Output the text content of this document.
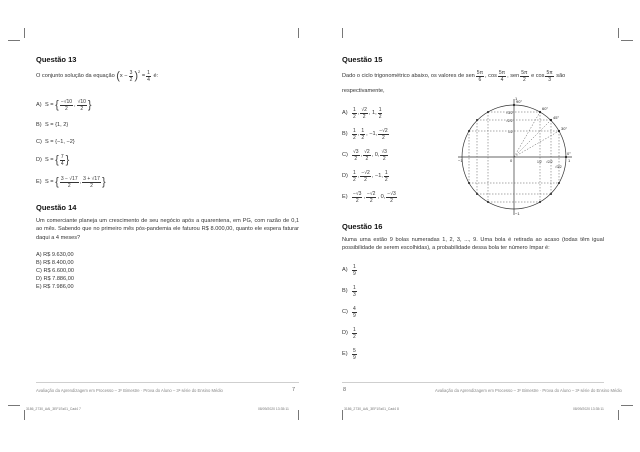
Questão 13
O conjunto solução da equação
( x
− $\frac{3}{2} )^2$

= $\frac{1}{4}$
é:
A) S =
{ $\frac{-√10}{2}$ , $\frac{√10}{2}$ }
B) S = {1, 2}
C) S = {−1, −2}
D) S =
{ $\frac{7}{4}$ }
E) S =
{ $\frac{3 - √17}{2}$ , $\frac{3 + √17}{2}$ }
Questão 14
Um comerciante planeja um crescimento de seu negócio após a quarentena, em PG, com razão de 0,1 ao mês. Sabendo que no primeiro mês pós-pandemia ele faturou R$ 8.000,00, quanto ele espera faturar daqui a 4 meses?
A) R$ 9.630,00
B) R$ 8.400,00
C) R$ 6.600,00
D) R$ 7.886,00
E) R$ 7.986,00
Avaliação da Aprendizagem em Processo – 3º Bimestre · Prova do Aluno – 3ª série do Ensino Médio	7
3186_2730_AAI_3EF1Ss01_Cad4 7	08/09/2020 13:35:11
Questão 15
Dado o ciclo trigonométrico abaixo, os valores de
sen $\frac{5\pi}{6}$ ,
$\cos \frac{5\pi}{4}$ ,
sen $\frac{5\pi}{2}$
e
$\cos \frac{5\pi}{3}$
são
respectivamente,
$A) \frac{1}{2}$ , $\frac{√2}{2}$ ,
1 , $\frac{1}{2}$
$B) \frac{1}{2}$ , $\frac{1}{2}$ ,
−1 , $\frac{-√2}{2}$
$C) \frac{√3}{2}$ , $\frac{√2}{2}$ ,
0 , $\frac{√3}{2}$
$D) \frac{1}{2}$ , $\frac{-√2}{2}$ ,
−1 , $\frac{1}{2}$
$E) \frac{-√3}{2}$ , $\frac{-√2}{2}$ ,
0 , $\frac{-√3}{2}$
90°
60°
45°
30°
0°
1
−1
−1	1
0
√3/2
√2/2
1/2
1/2 √2/2
√3/2
Questão 16
Numa urna estão 9 bolas numeradas 1, 2, 3, ..., 9. Uma bola é retirada ao acaso (todas têm igual possibilidade de serem escolhidas), a probabilidade dessa bola ter número ímpar é:
$A) \frac{1}{9}$
$B) \frac{1}{3}$
$C) \frac{4}{9}$
$D) \frac{1}{2}$
$E) \frac{5}{9}$
8	Avaliação da Aprendizagem em Processo – 3º Bimestre · Prova do Aluno – 3ª série do Ensino Médio
3186_2730_AAI_3EF1Ss01_Cad4 8	08/09/2020 13:35:11
